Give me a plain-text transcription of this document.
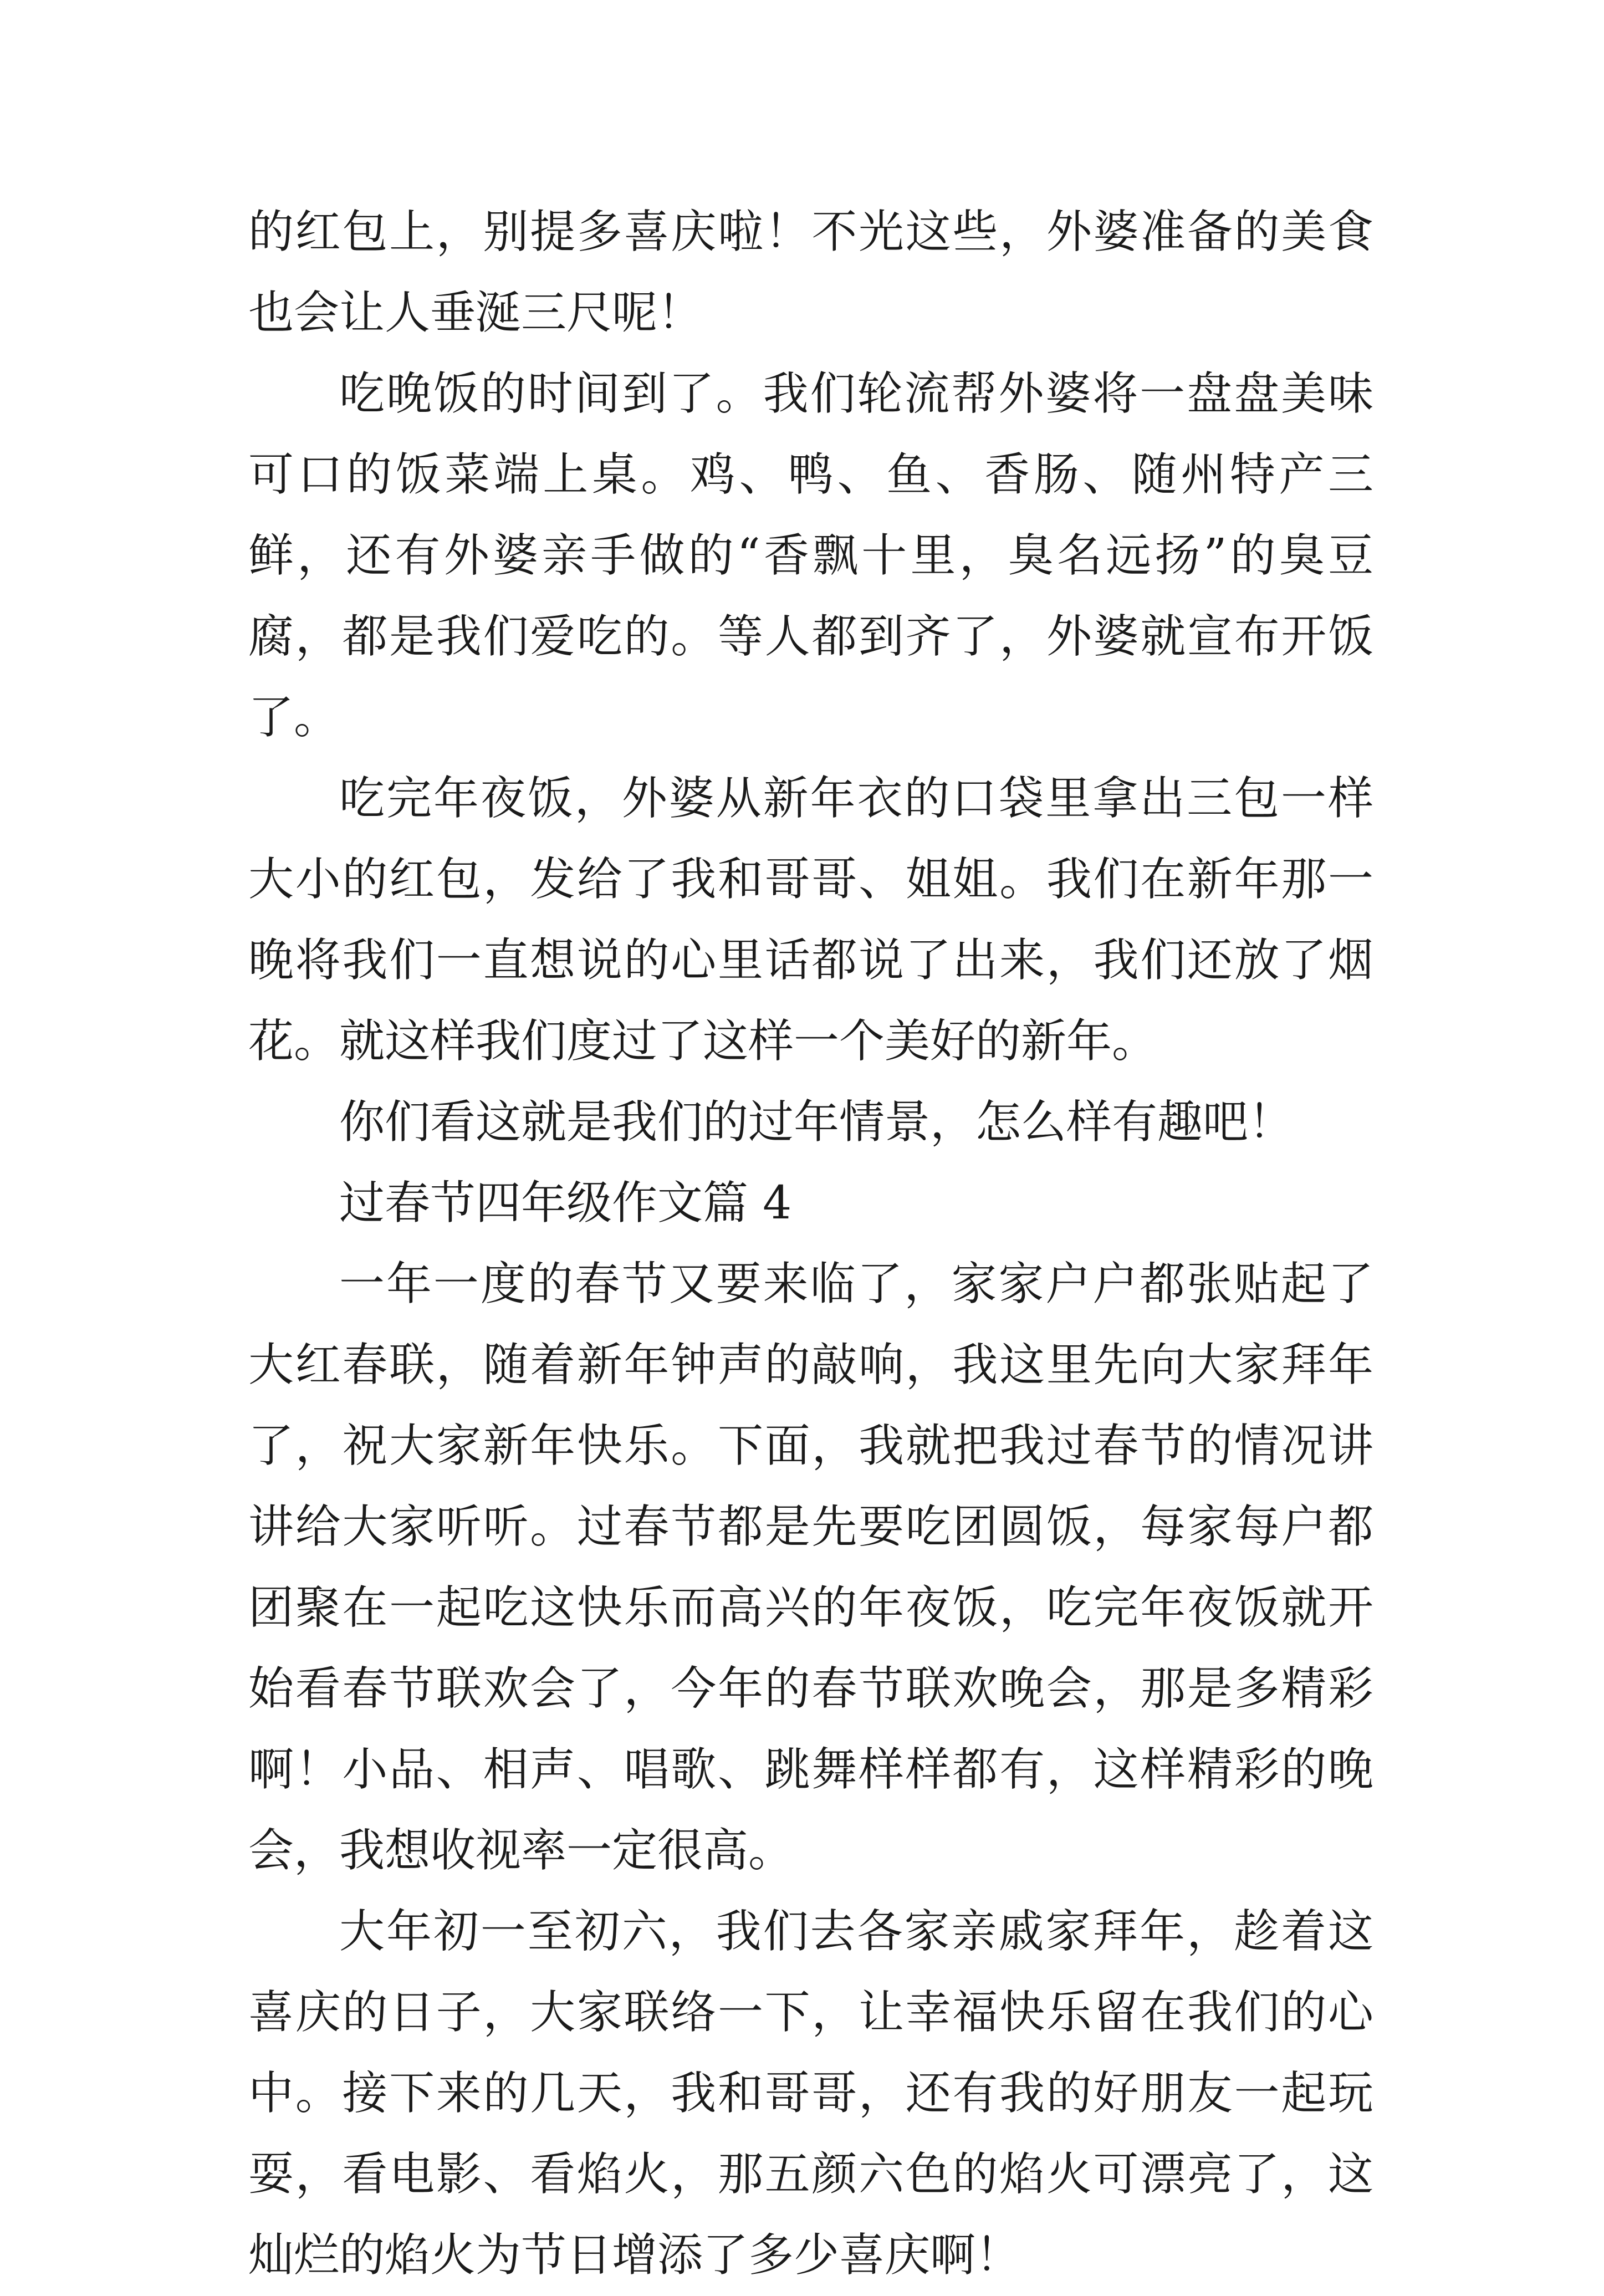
的红包上，别提多喜庆啦！不光这些，外婆准备的美食也会让人垂涎三尺呢！

吃晚饭的时间到了。我们轮流帮外婆将一盘盘美味可口的饭菜端上桌。鸡、鸭、鱼、香肠、随州特产三鲜，还有外婆亲手做的“香飘十里，臭名远扬”的臭豆腐，都是我们爱吃的。等人都到齐了，外婆就宣布开饭了。

吃完年夜饭，外婆从新年衣的口袋里拿出三包一样大小的红包，发给了我和哥哥、姐姐。我们在新年那一晚将我们一直想说的心里话都说了出来，我们还放了烟花。就这样我们度过了这样一个美好的新年。

你们看这就是我们的过年情景，怎么样有趣吧！

过春节四年级作文篇 4

一年一度的春节又要来临了，家家户户都张贴起了大红春联，随着新年钟声的敲响，我这里先向大家拜年了，祝大家新年快乐。下面，我就把我过春节的情况讲讲给大家听听。过春节都是先要吃团圆饭，每家每户都团聚在一起吃这快乐而高兴的年夜饭，吃完年夜饭就开始看春节联欢会了，今年的春节联欢晚会，那是多精彩啊！小品、相声、唱歌、跳舞样样都有，这样精彩的晚会，我想收视率一定很高。

大年初一至初六，我们去各家亲戚家拜年，趁着这喜庆的日子，大家联络一下，让幸福快乐留在我们的心中。接下来的几天，我和哥哥，还有我的好朋友一起玩耍，看电影、看焰火，那五颜六色的焰火可漂亮了，这灿烂的焰火为节日增添了多少喜庆啊！
